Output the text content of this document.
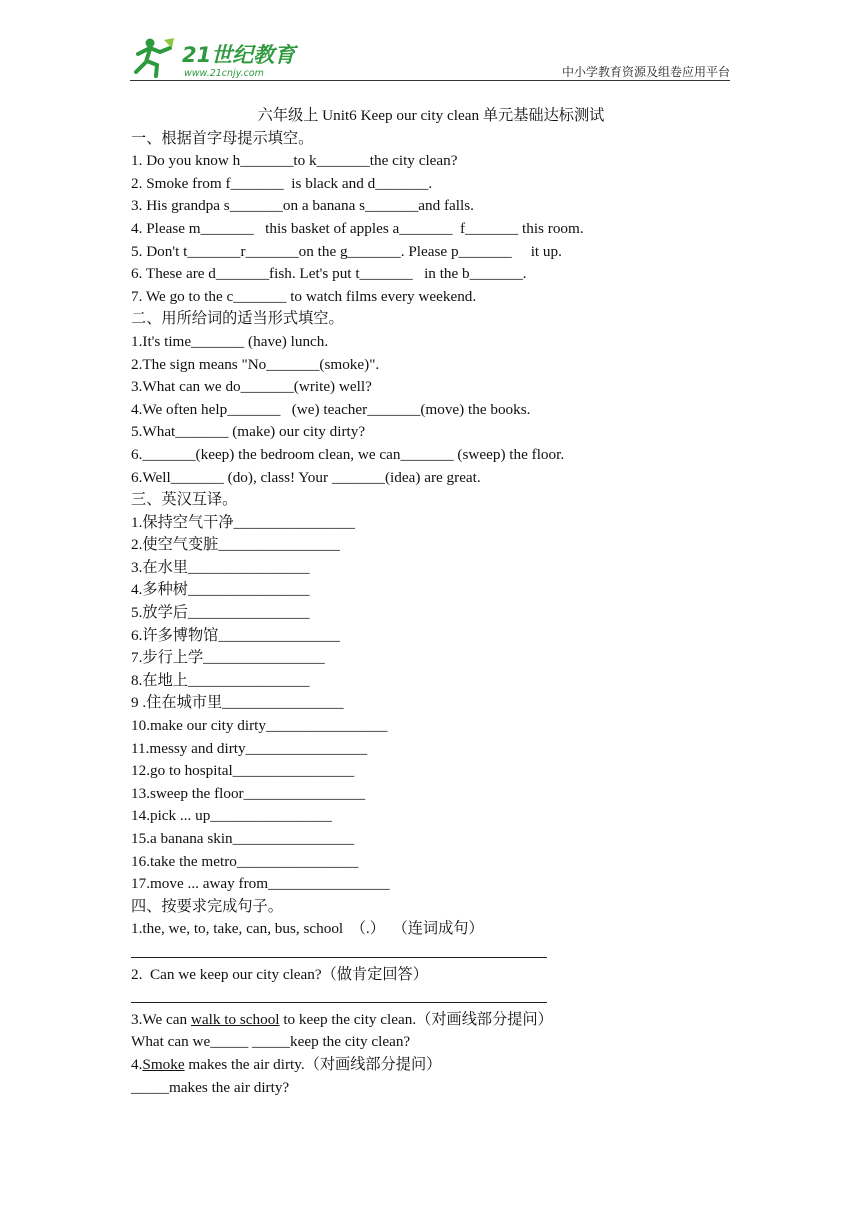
21世纪教育
www.21cnjy.com	中小学教育资源及组卷应用平台
六年级上 Unit6 Keep our city clean 单元基础达标测试
一、根据首字母提示填空。
1. Do you know h_______to k_______the city clean?
2. Smoke from f_______  is black and d_______.
3. His grandpa s_______on a banana s_______and falls.
4. Please m_______   this basket of apples a_______  f_______ this room.
5. Don't t_______r_______on the g_______. Please p_______     it up.
6. These are d_______fish. Let's put t_______   in the b_______.
7. We go to the c_______ to watch films every weekend.
二、用所给词的适当形式填空。
1.It's time_______ (have) lunch.
2.The sign means "No_______(smoke)".
3.What can we do_______(write) well?
4.We often help_______   (we) teacher_______(move) the books.
5.What_______ (make) our city dirty?
6._______(keep) the bedroom clean, we can_______ (sweep) the floor.
6.Well_______ (do), class! Your _______(idea) are great.
三、英汉互译。
1.保持空气干净________________
2.使空气变脏________________
3.在水里________________
4.多种树________________
5.放学后________________
6.许多博物馆________________
7.步行上学________________
8.在地上________________
9 .住在城市里________________
10.make our city dirty________________
11.messy and dirty________________
12.go to hospital________________
13.sweep the floor________________
14.pick ... up________________
15.a banana skin________________
16.take the metro________________
17.move ... away from________________
四、按要求完成句子。
1.the, we, to, take, can, bus, school  （.）  （连词成句）
2.  Can we keep our city clean?（做肯定回答）
3.We can walk to school to keep the city clean.（对画线部分提问）
What can we_____ _____keep the city clean?
4.Smoke makes the air dirty.（对画线部分提问）
_____makes the air dirty?
